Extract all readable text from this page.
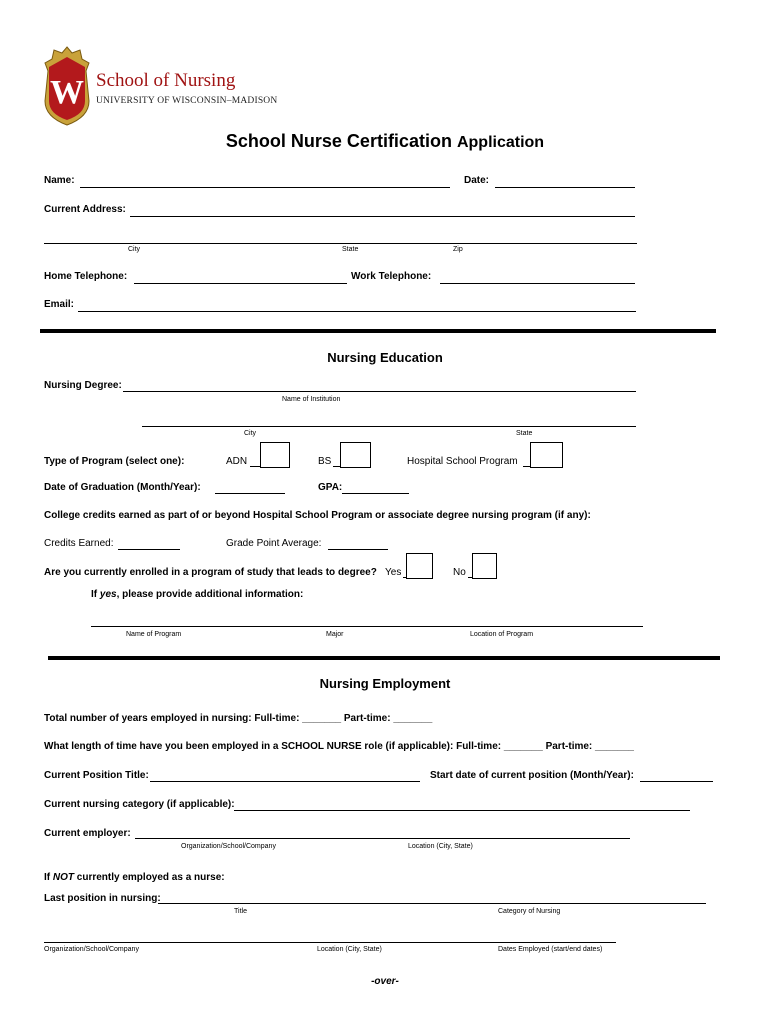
W School of Nursing
UNIVERSITY OF WISCONSIN–MADISON
School Nurse Certification Application
Name:	Date:
Current Address:
City	State	Zip
Home Telephone:	Work Telephone:
Email:
Nursing Education
Nursing Degree:
Name of Institution
City	State
Type of Program (select one):	ADN	BS	Hospital School Program
Date of Graduation (Month/Year):	GPA:
College credits earned as part of or beyond Hospital School Program or associate degree nursing program (if any):
Credits Earned:	Grade Point Average:
Are you currently enrolled in a program of study that leads to degree? Yes	No
If yes, please provide additional information:
Name of Program	Major	Location of Program
Nursing Employment
Total number of years employed in nursing: Full-time: _______ Part-time: _______
What length of time have you been employed in a SCHOOL NURSE role (if applicable): Full-time: _______ Part-time: _______
Current Position Title:	Start date of current position (Month/Year):
Current nursing category (if applicable):
Current employer:
Organization/School/Company	Location (City, State)
If NOT currently employed as a nurse:
Last position in nursing:
Title	Category of Nursing
Organization/School/Company	Location (City, State)	Dates Employed (start/end dates)
-over-
